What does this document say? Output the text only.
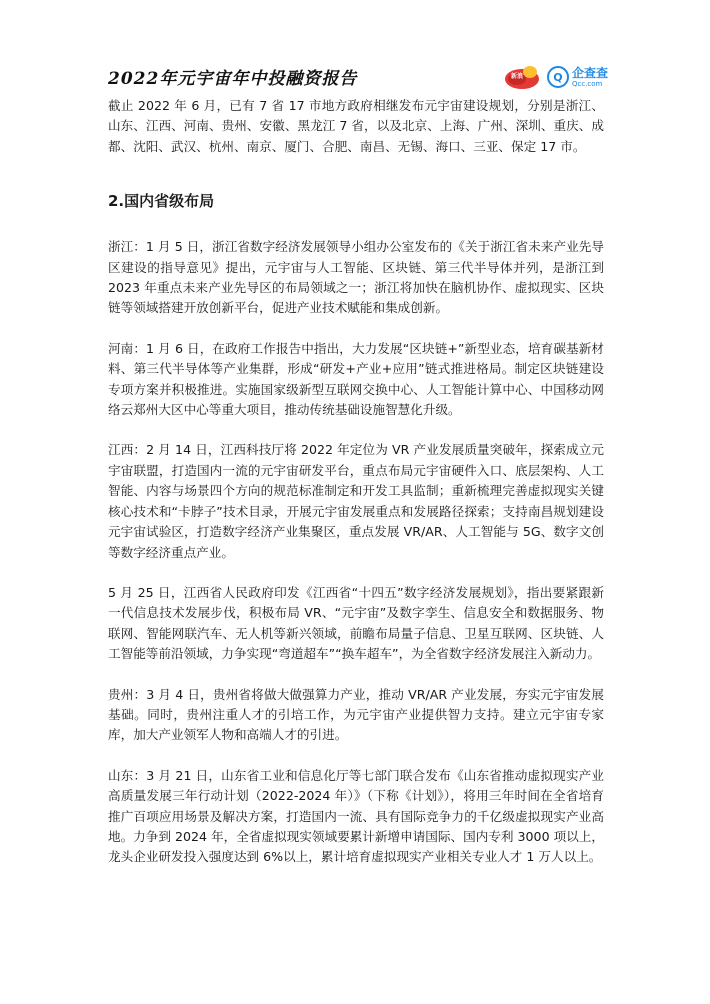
2022年元宇宙年中投融资报告	新浪	Q 企查查
Qcc.com

截止 2022 年 6 月，已有 7 省 17 市地方政府相继发布元宇宙建设规划，分别是浙江、山东、江西、河南、贵州、安徽、黑龙江 7 省，以及北京、上海、广州、深圳、重庆、成都、沈阳、武汉、杭州、南京、厦门、合肥、南昌、无锡、海口、三亚、保定 17 市。

2.国内省级布局

浙江：1 月 5 日，浙江省数字经济发展领导小组办公室发布的《关于浙江省未来产业先导区建设的指导意见》提出，元宇宙与人工智能、区块链、第三代半导体并列，是浙江到 2023 年重点未来产业先导区的布局领域之一；浙江将加快在脑机协作、虚拟现实、区块链等领域搭建开放创新平台，促进产业技术赋能和集成创新。

河南：1 月 6 日，在政府工作报告中指出，大力发展“区块链+”新型业态，培育碳基新材料、第三代半导体等产业集群，形成“研发+产业+应用”链式推进格局。制定区块链建设专项方案并积极推进。实施国家级新型互联网交换中心、人工智能计算中心、中国移动网络云郑州大区中心等重大项目，推动传统基础设施智慧化升级。

江西：2 月 14 日，江西科技厅将 2022 年定位为 VR 产业发展质量突破年，探索成立元宇宙联盟，打造国内一流的元宇宙研发平台，重点布局元宇宙硬件入口、底层架构、人工智能、内容与场景四个方向的规范标准制定和开发工具监制；重新梳理完善虚拟现实关键核心技术和“卡脖子”技术目录，开展元宇宙发展重点和发展路径探索；支持南昌规划建设元宇宙试验区，打造数字经济产业集聚区，重点发展 VR/AR、人工智能与 5G、数字文创等数字经济重点产业。

5 月 25 日，江西省人民政府印发《江西省“十四五”数字经济发展规划》，指出要紧跟新一代信息技术发展步伐，积极布局 VR、“元宇宙”及数字孪生、信息安全和数据服务、物联网、智能网联汽车、无人机等新兴领域，前瞻布局量子信息、卫星互联网、区块链、人工智能等前沿领域，力争实现“弯道超车”“换车超车”，为全省数字经济发展注入新动力。

贵州：3 月 4 日，贵州省将做大做强算力产业，推动 VR/AR 产业发展，夯实元宇宙发展基础。同时，贵州注重人才的引培工作，为元宇宙产业提供智力支持。建立元宇宙专家库，加大产业领军人物和高端人才的引进。

山东：3 月 21 日，山东省工业和信息化厅等七部门联合发布《山东省推动虚拟现实产业高质量发展三年行动计划（2022-2024 年）》（下称《计划》），将用三年时间在全省培育推广百项应用场景及解决方案，打造国内一流、具有国际竞争力的千亿级虚拟现实产业高地。力争到 2024 年，全省虚拟现实领域要累计新增申请国际、国内专利 3000 项以上，龙头企业研发投入强度达到 6%以上，累计培育虚拟现实产业相关专业人才 1 万人以上。
